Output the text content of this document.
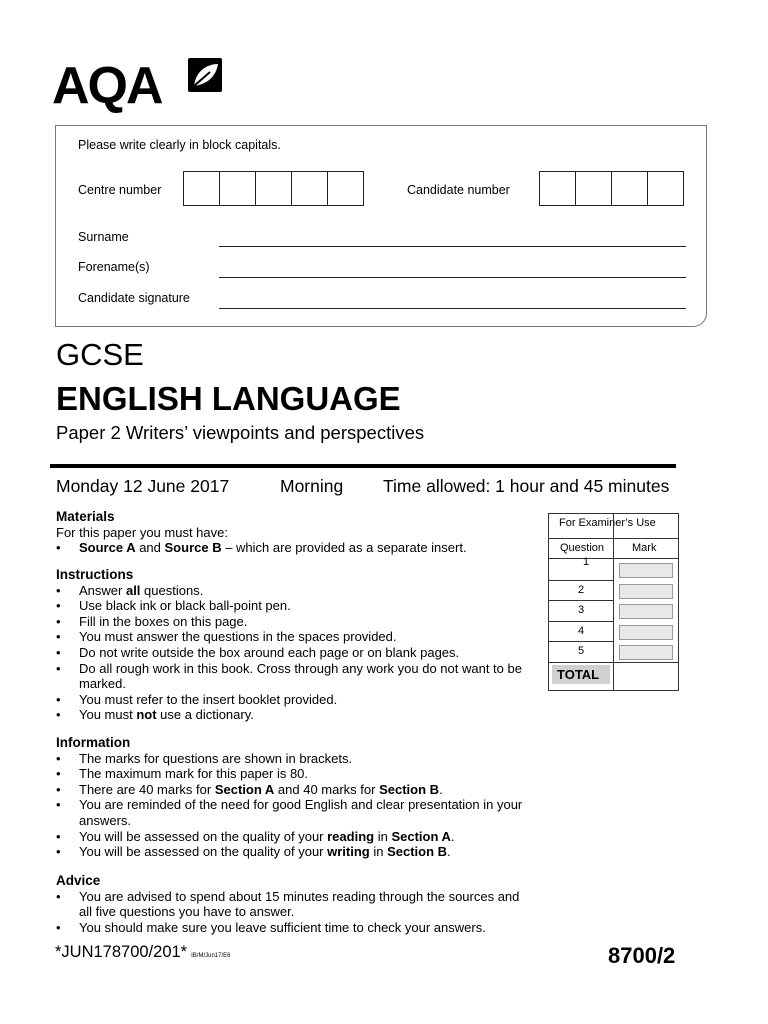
AQA
Please write clearly in block capitals.
Centre number	Candidate number
Surname
Forename(s)
Candidate signature
GCSE
ENGLISH LANGUAGE
Paper 2 Writers’ viewpoints and perspectives
Monday 12 June 2017	Morning Time allowed: 1 hour and 45 minutes
Materials
For this paper you must have:
• Source A and Source B – which are provided as a separate insert.
Instructions
• Answer all questions.
• Use black ink or black ball-point pen.
• Fill in the boxes on this page.
• You must answer the questions in the spaces provided.
• Do not write outside the box around each page or on blank pages.
• Do all rough work in this book. Cross through any work you do not want to be marked.
• You must refer to the insert booklet provided.
• You must not use a dictionary.
Information
• The marks for questions are shown in brackets.
• The maximum mark for this paper is 80.
• There are 40 marks for Section A and 40 marks for Section B.
• You are reminded of the need for good English and clear presentation in your answers.
• You will be assessed on the quality of your reading in Section A.
• You will be assessed on the quality of your writing in Section B.
Advice
• You are advised to spend about 15 minutes reading through the sources and all five questions you have to answer.
• You should make sure you leave sufficient time to check your answers.
For Examiner’s Use
Question	Mark
1
2
3
4
5
TOTAL
*JUN178700/201* IB/M/Jun17/E6	8700/2
